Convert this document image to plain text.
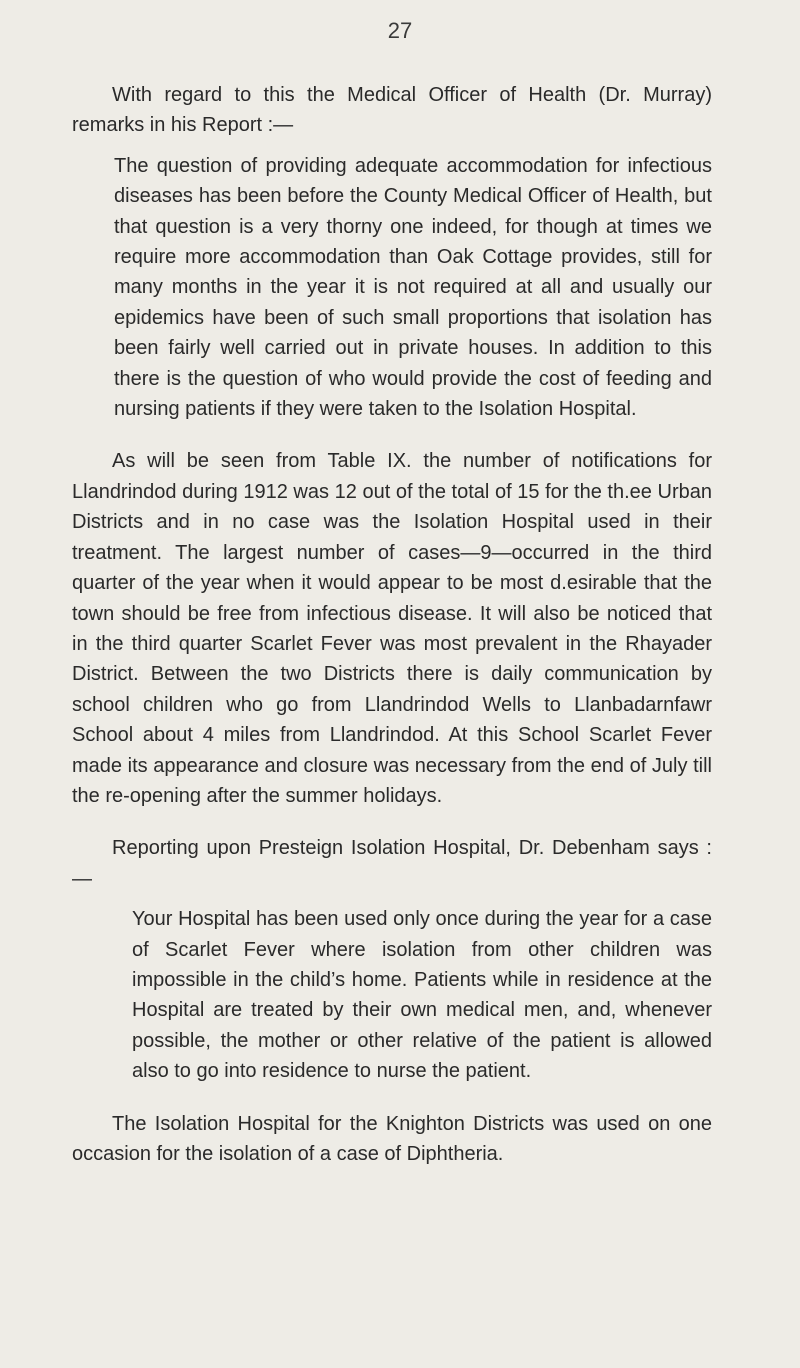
27

With regard to this the Medical Officer of Health (Dr. Murray) remarks in his Report :—

The question of providing adequate accommodation for infectious diseases has been before the County Medical Officer of Health, but that question is a very thorny one indeed, for though at times we require more accommodation than Oak Cottage provides, still for many months in the year it is not required at all and usually our epidemics have been of such small proportions that isolation has been fairly well carried out in private houses. In addition to this there is the question of who would provide the cost of feeding and nursing patients if they were taken to the Isolation Hospital.

As will be seen from Table IX. the number of notifications for Llandrindod during 1912 was 12 out of the total of 15 for the th.ee Urban Districts and in no case was the Isolation Hospital used in their treatment. The largest number of cases—9—occurred in the third quarter of the year when it would appear to be most d.esirable that the town should be free from infectious disease. It will also be noticed that in the third quarter Scarlet Fever was most prevalent in the Rhayader District. Between the two Districts there is daily communication by school children who go from Llandrindod Wells to Llanbadarnfawr School about 4 miles from Llandrindod. At this School Scarlet Fever made its appearance and closure was necessary from the end of July till the re-opening after the summer holidays.

Reporting upon Presteign Isolation Hospital, Dr. Debenham says :—

Your Hospital has been used only once during the year for a case of Scarlet Fever where isolation from other children was impossible in the child’s home. Patients while in residence at the Hospital are treated by their own medical men, and, whenever possible, the mother or other relative of the patient is allowed also to go into residence to nurse the patient.

The Isolation Hospital for the Knighton Districts was used on one occasion for the isolation of a case of Diphtheria.
